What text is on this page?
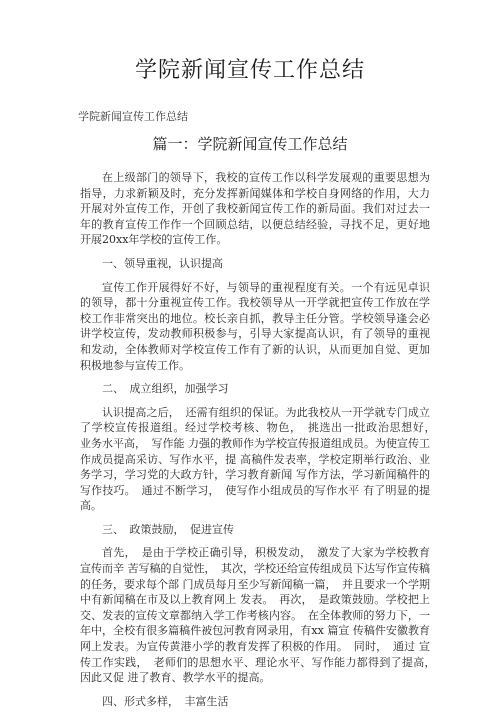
学院新闻宣传工作总结
学院新闻宣传工作总结
篇一：学院新闻宣传工作总结

在上级部门的领导下，我校的宣传工作以科学发展观的重要思想为指导，力求新颖及时，充分发挥新闻媒体和学校自身网络的作用，大力开展对外宣传工作，开创了我校新闻宣传工作的新局面。我们对过去一年的教育宣传工作作一个回顾总结，以便总结经验，寻找不足，更好地开展20xx年学校的宣传工作。

一、领导重视，认识提高

宣传工作开展得好不好，与领导的重视程度有关。一个有远见卓识的领导，都十分重视宣传工作。我校领导从一开学就把宣传工作放在学校工作非常突出的地位。校长亲自抓，教导主任分管。学校领导逢会必讲学校宣传，发动教师积极参与，引导大家提高认识，有了领导的重视和发动，全体教师对学校宣传工作有了新的认识，从而更加自觉、更加积极地参与宣传工作。

二、　成立组织，加强学习

认识提高之后，　还需有组织的保证。为此我校从一开学就专门成立了学校宣传报道组。经过学校考核、物色，　挑选出一批政治思想好，　业务水平高，　写作能 力强的教师作为学校宣传报道组成员。为使宣传工作成员提高采访、写作水平，提 高稿件发表率，学校定期举行政治、业务学习，学习党的大政方针，学习教育新闻 写作方法，学习新闻稿件的写作技巧。　通过不断学习，　使写作小组成员的写作水平 有了明显的提高。

三、　政策鼓励，　促进宣传

首先，　是由于学校正确引导，积极发动，　激发了大家为学校教育宣传而辛 苦写稿的自觉性，　其次，学校还给宣传组成员下达写作宣传稿的任务，要求每个部 门成员每月至少写新闻稿一篇，　并且要求一个学期中有新闻稿在市及以上教育网上 发表。　再次，　是政策鼓励。学校把上交、发表的宣传文章都纳入学工作考核内容。　在全体教师的努力下，一年中，全校有很多篇稿件被包河教育网录用，有xx 篇宣 传稿件安徽教育网上发表。为宣传黄港小学的教育发挥了积极的作用。　同时，　通过 宣传工作实践，　老师们的思想水平、理论水平、写作能力都得到了提高，　因此又促 进了教育、教学水平的提高。

四、形式多样，　丰富生活
